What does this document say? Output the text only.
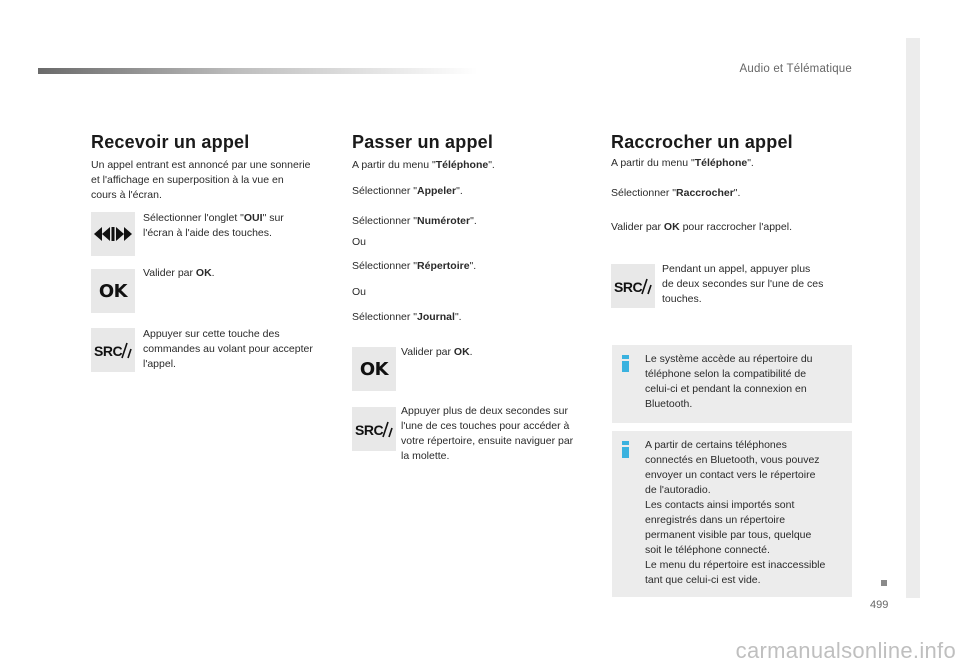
Audio et Télématique
499
Recevoir un appel
Un appel entrant est annoncé par une sonnerie
et l'affichage en superposition à la vue en
cours à l'écran.
Sélectionner l'onglet "OUI" sur
l'écran à l'aide des touches.
OK
Valider par OK.
SRC
Appuyer sur cette touche des
commandes au volant pour accepter
l'appel.
Passer un appel
A partir du menu "Téléphone".
Sélectionner "Appeler".
Sélectionner "Numéroter".
Ou
Sélectionner "Répertoire".
Ou
Sélectionner "Journal".
OK
Valider par OK.
SRC
Appuyer plus de deux secondes sur
l'une de ces touches pour accéder à
votre répertoire, ensuite naviguer par
la molette.
Raccrocher un appel
A partir du menu "Téléphone".
Sélectionner "Raccrocher".
Valider par OK pour raccrocher l'appel.
SRC
Pendant un appel, appuyer plus
de deux secondes sur l'une de ces
touches.
Le système accède au répertoire du
téléphone selon la compatibilité de
celui-ci et pendant la connexion en
Bluetooth.
A partir de certains téléphones
connectés en Bluetooth, vous pouvez
envoyer un contact vers le répertoire
de l'autoradio.
Les contacts ainsi importés sont
enregistrés dans un répertoire
permanent visible par tous, quelque
soit le téléphone connecté.
Le menu du répertoire est inaccessible
tant que celui-ci est vide.
carmanualsonline.info
